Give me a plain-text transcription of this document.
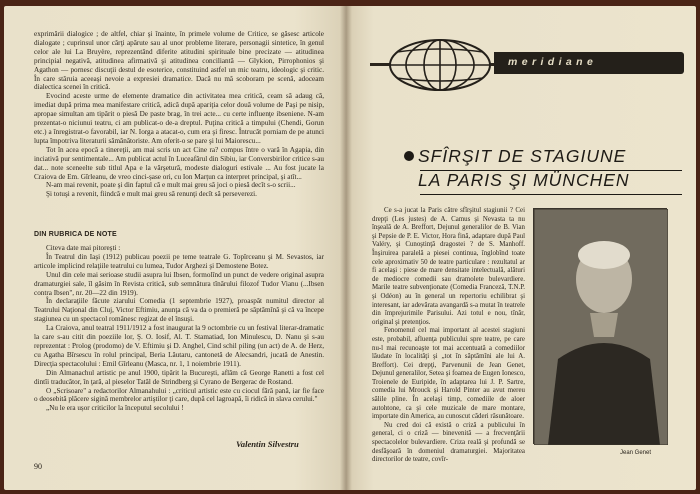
exprimării dialogice ; de altfel, chiar şi înainte, în primele volume de Critice, se găsesc articole dialogate ; cuprinsul unor cărţi apărute sau al unor probleme literare, personagii sintetice, în genul celor ale lui La Bruyère, reprezentând diferite atitudini spirituale bine precizate — atitudinea principial negativă, atitudinea afirmativă şi atitudinea conciliantă — Glykion, Pirrophonios şi Agathon — pornesc discuţii destul de esoterice, constituind astfel un mic teatru, ideologic şi critic. În care stăruia aceeaşi nevoie a expresiei dramatice. Dacă nu mă scoboram pe scenă, adoceam dialectica scenei în critică.

Evocind aceste urme de elemente dramatice din activitatea mea critică, ceam să adaug că, imediat după prima mea manifestare critică, adică după apariţia celor două volume de Paşi pe nisip, apropae simultan am tipărit o piesă De paste brag, în trei acte... cu certe influenţe ibseniene. N-am prezentat-o niciunui teatru, ci am publicat-o de-a dreptul. Puţina critică a timpului (Chendi, Gorun etc.) a înregistrat-o favorabil, iar N. Iorga a atacat-o, cum era şi firesc. Întrucât porniam de pe atunci lupta împotriva literaturii sămănătoriste. Am oferit-o se pare şi lui Maiorescu...

Tot în acea epocă a tinereţii, am mai scris un act Cine ra? compus între o vară în Agapia, din inciativă pur sentimentale... Am publicat actul în Luceafărul din Sibiu, iar Conversbirilor critice s-au dat... note sceneelte sub titlul Apa e la vărşetură, modeste dialoguri estivale ... Au fost jucate la Craiova de Em. Gîrleanu, de vreo cinci-șase ori, cu Ion Marțun ca interpret principal, şi atît...

N-am mai revenit, poate şi din faptul că e mult mai greu să joci o piesă decît s-o scrii...

Şi totuşi a revenit, fiindcă e mult mai greu să renunţi decît să perseverezi.

DIN RUBRICA DE NOTE

Citeva date mai pitoreşti :

În Teatrul din Iaşi (1912) publicau poezii pe teme teatrale G. Topîrceanu şi M. Sevastos, iar articole implicind relaţiile teatrului cu lumea, Tudor Arghezi şi Demostene Botez.

Unul din cele mai serioase studii asupra lui Ibsen, formolînd un punct de vedere original asupra dramaturgiei sale, îl găsim în Revista critică, sub semnătura tînărului filozof Tudor Vianu (...Ibsen contra Ibsen", nr. 20—22 din 1919).

În declaraţiile făcute ziarului Comedia (1 septembrie 1927), proaspăt numitul director al Teatrului Naţional din Cluj, Victor Eftimiu, anunţa că va da o premieră pe săptămînă şi că va începe stagiunea cu un spectacol românesc regizat de el însuşi.

La Craiova, anul teatral 1911/1912 a fost inaugurat la 9 octombrie cu un festival literar-dramatic la care s-au citit din poeziile lor, Ş. O. Iosif, Al. T. Stamatiad, Ion Minulescu, D. Nanu şi s-au reprezentat : Prolog (prodomo) de V. Eftimiu şi D. Anghel, Cind schil piling (un act) de A. de Herz, cu Agatha Bîrsescu în rolul principal, Beria Lăutaru, cantonetă de Alecsandri, jucată de Anestin. Direcţia spectacolului : Emil Gîrleanu (Masca, nr. 1, 1 noiembrie 1911).

Din Almanachul artistic pe anul 1900, tipărit la Bucureşti, aflăm că George Ranetti a fost cel dintîi traducător, în ţară, al pieselor Tatăl de Strindberg şi Cyrano de Bergerac de Rostand.

O „Scrisoare" a redactorilor Almanahului : „criticul artistic este cu ciocul fără pană, iar fie face o deosebită plăcere sigină membrelor artiştilor ţi care, după cel lagroapă, îi ridică in slava cerului."

„Nu le era ușor criticilor la începutul secolului !

Valentin Silvestru
90
meridiane
SFÎRŞIT DE STAGIUNE
LA PARIS ŞI MÜNCHEN

Ce s-a jucat la Paris către sfîrşitul stagiunii ? Cei drepţi (Les justes) de A. Camus şi Nevasta ta nu înşeală de A. Breffort, Dejunul generalilor de B. Vian şi Pepsie de P. E. Victor, Hora fină, adaptare după Paul Valéry, şi Cunoştinţă dragostei ? de S. Manhoff. Înşiruirea paralelă a piesei continua, înglobînd toate cele aproximativ 50 de teatre particulare : rezultatul ar fi acelaşi : piese de mare densitate intelectuală, alături de mediocre comedii sau dramolete bulevardiere. Marile teatre subvenţionate (Comedia Franceză, T.N.P. şi Odéon) au în general un repertoriu echilibrat şi interesant, iar adevărata avangardă s-a mutat în teatrele din împrejurimile Parisului. Azi totul e nou, tînăr, original şi pretenţios.

Fenomenul cel mai important al acestei stagiuni este, probabil, afluenţa publicului spre teatre, pe care nu-l mai recunoaşte tot mai accentuată a comediilor lăudate în localităţi şi „tot în săptămîni ale lui A. Breffort). Cei drepţi, Parvenunii de Jean Genet, Dejunul generalilor, Setea şi foamea de Eugen Ionesco, Troienele de Euripide, în adaptarea lui J. P. Sartre, comedia lui Mrouck şi Harold Pinter au avut mereu sălile pline. În acelaşi timp, comediile de aloer autohtone, ca şi cele muzicale de mare montare, importate din America, au cunoscut căderi răsunătoare.

Nu cred doi că există o criză a publicului în general, ci o criză — binevenită — a frecvenţării spectacolelor bulevardiere. Criza reală şi profundă se desfăşoară în domeniul dramaturgiei. Majoritatea directorilor de teatre, covîr-

Jean Genet
